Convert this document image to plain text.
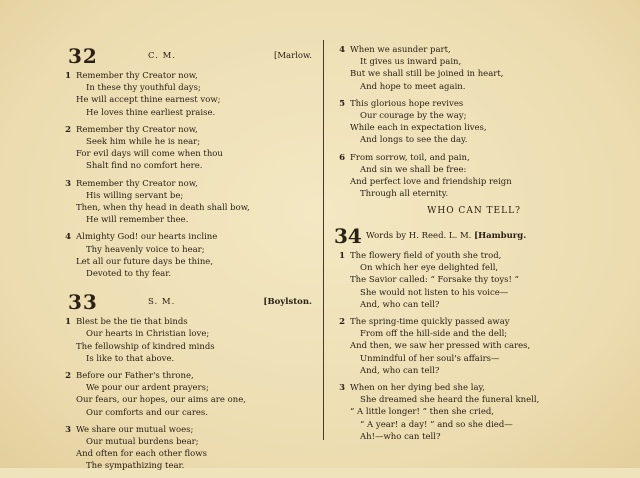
32	C. M.	[Marlow.
1 Remember thy Creator now,
In these thy youthful days;
He will accept thine earnest vow;
He loves thine earliest praise.
2 Remember thy Creator now,
Seek him while he is near;
For evil days will come when thou
Shalt find no comfort here.
3 Remember thy Creator now,
His willing servant be;
Then, when thy head in death shall bow,
He will remember thee.
4 Almighty God! our hearts incline
Thy heavenly voice to hear;
Let all our future days be thine,
Devoted to thy fear.
33	S. M.	[Boylston.
1 Blest be the tie that binds
Our hearts in Christian love;
The fellowship of kindred minds
Is like to that above.
2 Before our Father's throne,
We pour our ardent prayers;
Our fears, our hopes, our aims are one,
Our comforts and our cares.
3 We share our mutual woes;
Our mutual burdens bear;
And often for each other flows
The sympathizing tear.
4 When we asunder part,
It gives us inward pain,
But we shall still be joined in heart,
And hope to meet again.
5 This glorious hope revives
Our courage by the way;
While each in expectation lives,
And longs to see the day.
6 From sorrow, toil, and pain,
And sin we shall be free:
And perfect love and friendship reign
Through all eternity.
WHO CAN TELL?
34 Words by H. Reed. L. M. [Hamburg.
1 The flowery field of youth she trod,
On which her eye delighted fell,
The Savior called: “ Forsake thy toys! ”
She would not listen to his voice—
And, who can tell?
2 The spring-time quickly passed away
From off the hill-side and the dell;
And then, we saw her pressed with cares,
Unmindful of her soul's affairs—
And, who can tell?
3 When on her dying bed she lay,
She dreamed she heard the funeral knell,
“ A little longer! ” then she cried,
“ A year! a day! ” and so she died—
Ah!—who can tell?
